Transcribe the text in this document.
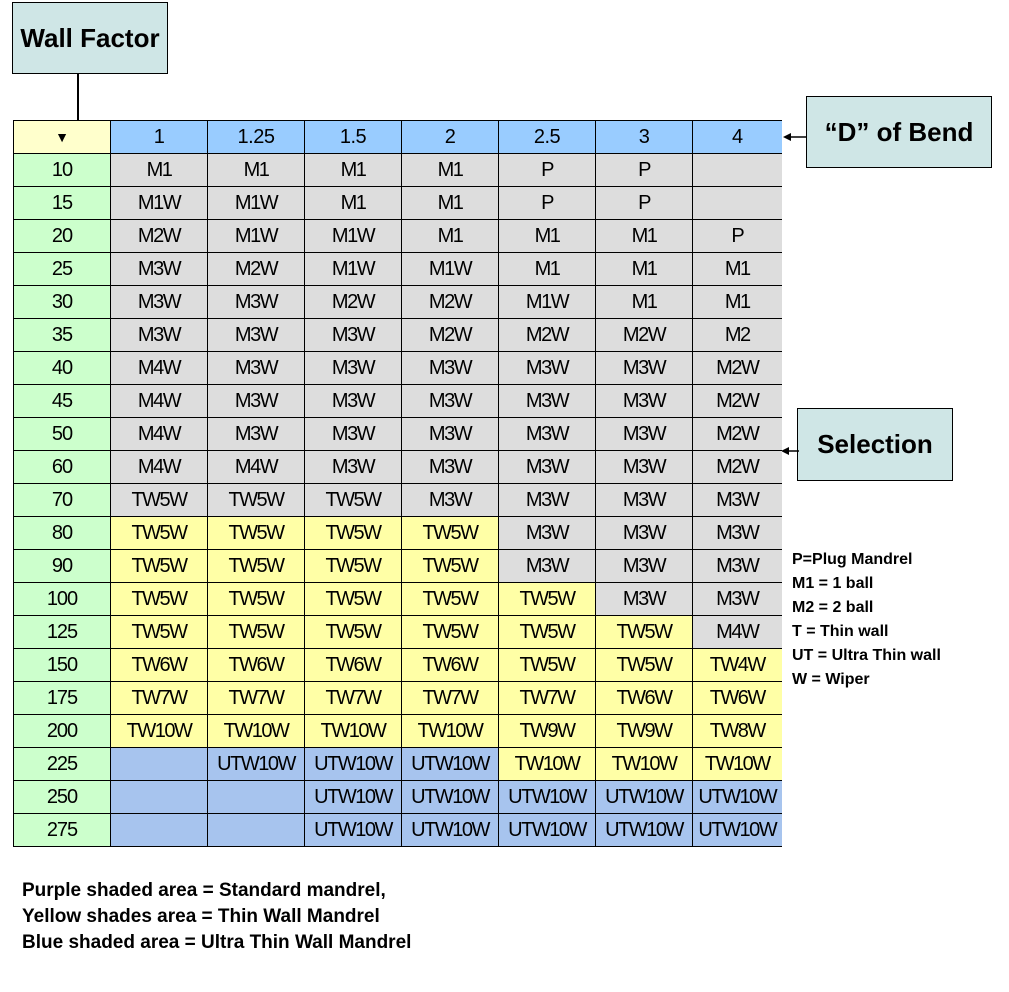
Wall Factor
“D” of Bend
Selection
▼	1	1.25	1.5	2	2.5	3	4
10	M1	M1	M1	M1	P	P	
15	M1W	M1W	M1	M1	P	P	
20	M2W	M1W	M1W	M1	M1	M1	P
25	M3W	M2W	M1W	M1W	M1	M1	M1
30	M3W	M3W	M2W	M2W	M1W	M1	M1
35	M3W	M3W	M3W	M2W	M2W	M2W	M2
40	M4W	M3W	M3W	M3W	M3W	M3W	M2W
45	M4W	M3W	M3W	M3W	M3W	M3W	M2W
50	M4W	M3W	M3W	M3W	M3W	M3W	M2W
60	M4W	M4W	M3W	M3W	M3W	M3W	M2W
70	TW5W	TW5W	TW5W	M3W	M3W	M3W	M3W
80	TW5W	TW5W	TW5W	TW5W	M3W	M3W	M3W
90	TW5W	TW5W	TW5W	TW5W	M3W	M3W	M3W
100	TW5W	TW5W	TW5W	TW5W	TW5W	M3W	M3W
125	TW5W	TW5W	TW5W	TW5W	TW5W	TW5W	M4W
150	TW6W	TW6W	TW6W	TW6W	TW5W	TW5W	TW4W
175	TW7W	TW7W	TW7W	TW7W	TW7W	TW6W	TW6W
200	TW10W	TW10W	TW10W	TW10W	TW9W	TW9W	TW8W
225		UTW10W	UTW10W	UTW10W	TW10W	TW10W	TW10W
250			UTW10W	UTW10W	UTW10W	UTW10W	UTW10W
275			UTW10W	UTW10W	UTW10W	UTW10W	UTW10W
P=Plug Mandrel
M1 = 1 ball
M2 = 2 ball
T = Thin wall
UT = Ultra Thin wall
W = Wiper
Purple shaded area = Standard mandrel,
Yellow shades area = Thin Wall Mandrel
Blue shaded area = Ultra Thin Wall Mandrel
